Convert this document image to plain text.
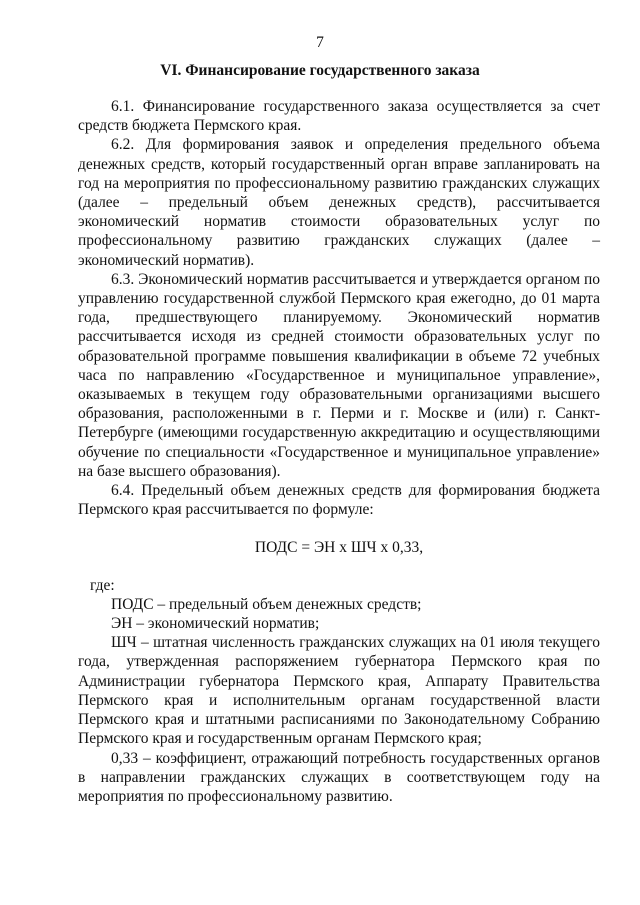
7
VI. Финансирование государственного заказа

6.1. Финансирование государственного заказа осуществляется за счет средств бюджета Пермского края.

6.2. Для формирования заявок и определения предельного объема денежных средств, который государственный орган вправе запланировать на год на мероприятия по профессиональному развитию гражданских служащих (далее – предельный объем денежных средств), рассчитывается экономический норматив стоимости образовательных услуг по профессиональному развитию гражданских служащих (далее – экономический норматив).

6.3. Экономический норматив рассчитывается и утверждается органом по управлению государственной службой Пермского края ежегодно, до 01 марта года, предшествующего планируемому. Экономический норматив рассчитывается исходя из средней стоимости образовательных услуг по образовательной программе повышения квалификации в объеме 72 учебных часа по направлению «Государственное и муниципальное управление», оказываемых в текущем году образовательными организациями высшего образования, расположенными в г. Перми и г. Москве и (или) г. Санкт-Петербурге (имеющими государственную аккредитацию и осуществляющими обучение по специальности «Государственное и муниципальное управление» на базе высшего образования).

6.4. Предельный объем денежных средств для формирования бюджета Пермского края рассчитывается по формуле:

ПОДС = ЭН х ШЧ х 0,33,

где:

ПОДС – предельный объем денежных средств;

ЭН – экономический норматив;

ШЧ – штатная численность гражданских служащих на 01 июля текущего года, утвержденная распоряжением губернатора Пермского края по Администрации губернатора Пермского края, Аппарату Правительства Пермского края и исполнительным органам государственной власти Пермского края и штатными расписаниями по Законодательному Собранию Пермского края и государственным органам Пермского края;

0,33 – коэффициент, отражающий потребность государственных органов в направлении гражданских служащих в соответствующем году на мероприятия по профессиональному развитию.
